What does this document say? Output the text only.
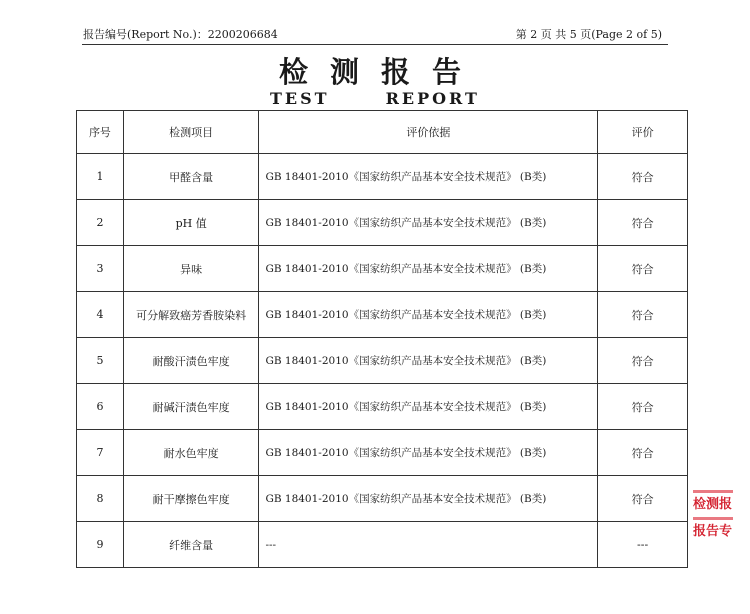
报告编号(Report No.)：2200206684	第 2 页 共 5 页(Page 2 of 5)
检测报告
TEST	REPORT
序号	检测项目	评价依据	评价
1	甲醛含量	GB 18401-2010《国家纺织产品基本安全技术规范》 (B类)	符合
2	pH 值	GB 18401-2010《国家纺织产品基本安全技术规范》 (B类)	符合
3	异味	GB 18401-2010《国家纺织产品基本安全技术规范》 (B类)	符合
4	可分解致癌芳香胺染料	GB 18401-2010《国家纺织产品基本安全技术规范》 (B类)	符合
5	耐酸汗渍色牢度	GB 18401-2010《国家纺织产品基本安全技术规范》 (B类)	符合
6	耐碱汗渍色牢度	GB 18401-2010《国家纺织产品基本安全技术规范》 (B类)	符合
7	耐水色牢度	GB 18401-2010《国家纺织产品基本安全技术规范》 (B类)	符合
8	耐干摩擦色牢度	GB 18401-2010《国家纺织产品基本安全技术规范》 (B类)	符合
9	纤维含量	---	---
检测报
报告专
